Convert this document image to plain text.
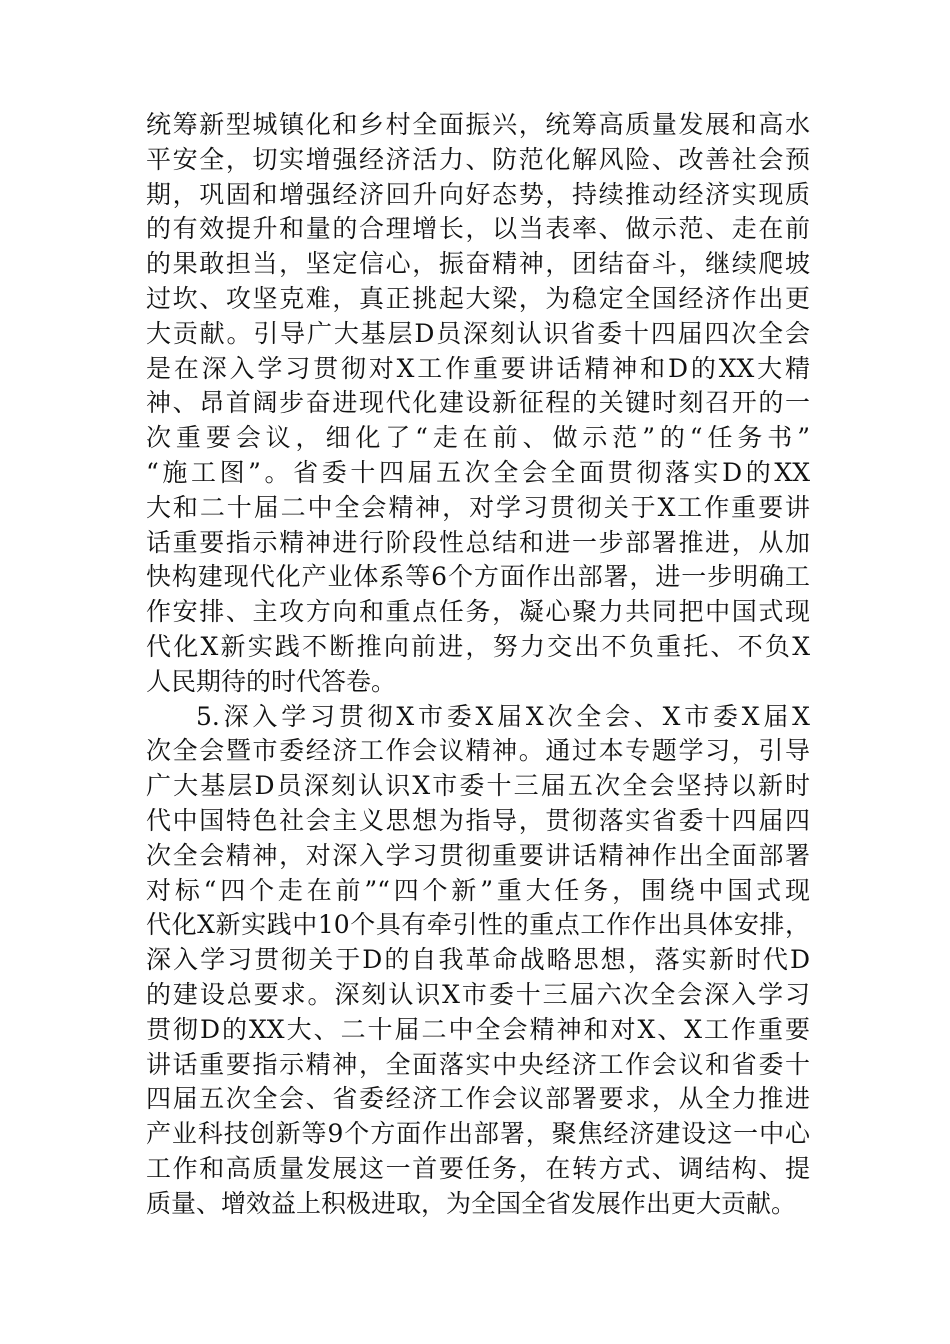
统筹新型城镇化和乡村全面振兴，统筹高质量发展和高水
平安全，切实增强经济活力、防范化解风险、改善社会预
期，巩固和增强经济回升向好态势，持续推动经济实现质
的有效提升和量的合理增长，以当表率、做示范、走在前
的果敢担当，坚定信心，振奋精神，团结奋斗，继续爬坡
过坎、攻坚克难，真正挑起大梁，为稳定全国经济作出更
大贡献。引导广大基层D员深刻认识省委十四届四次全会
是在深入学习贯彻对X工作重要讲话精神和D的XX大精
神、昂首阔步奋进现代化建设新征程的关键时刻召开的一
次重要会议，细化了“走在前、做示范”的“任务书”
“施工图”。省委十四届五次全会全面贯彻落实D的XX
大和二十届二中全会精神，对学习贯彻关于X工作重要讲
话重要指示精神进行阶段性总结和进一步部署推进，从加
快构建现代化产业体系等6个方面作出部署，进一步明确工
作安排、主攻方向和重点任务，凝心聚力共同把中国式现
代化X新实践不断推向前进，努力交出不负重托、不负X
人民期待的时代答卷。
5.深入学习贯彻X市委X届X次全会、X市委X届X
次全会暨市委经济工作会议精神。通过本专题学习，引导
广大基层D员深刻认识X市委十三届五次全会坚持以新时
代中国特色社会主义思想为指导，贯彻落实省委十四届四
次全会精神，对深入学习贯彻重要讲话精神作出全面部署
对标“四个走在前”“四个新”重大任务，围绕中国式现
代化X新实践中10个具有牵引性的重点工作作出具体安排，
深入学习贯彻关于D的自我革命战略思想，落实新时代D
的建设总要求。深刻认识X市委十三届六次全会深入学习
贯彻D的XX大、二十届二中全会精神和对X、X工作重要
讲话重要指示精神，全面落实中央经济工作会议和省委十
四届五次全会、省委经济工作会议部署要求，从全力推进
产业科技创新等9个方面作出部署，聚焦经济建设这一中心
工作和高质量发展这一首要任务，在转方式、调结构、提
质量、增效益上积极进取，为全国全省发展作出更大贡献。
